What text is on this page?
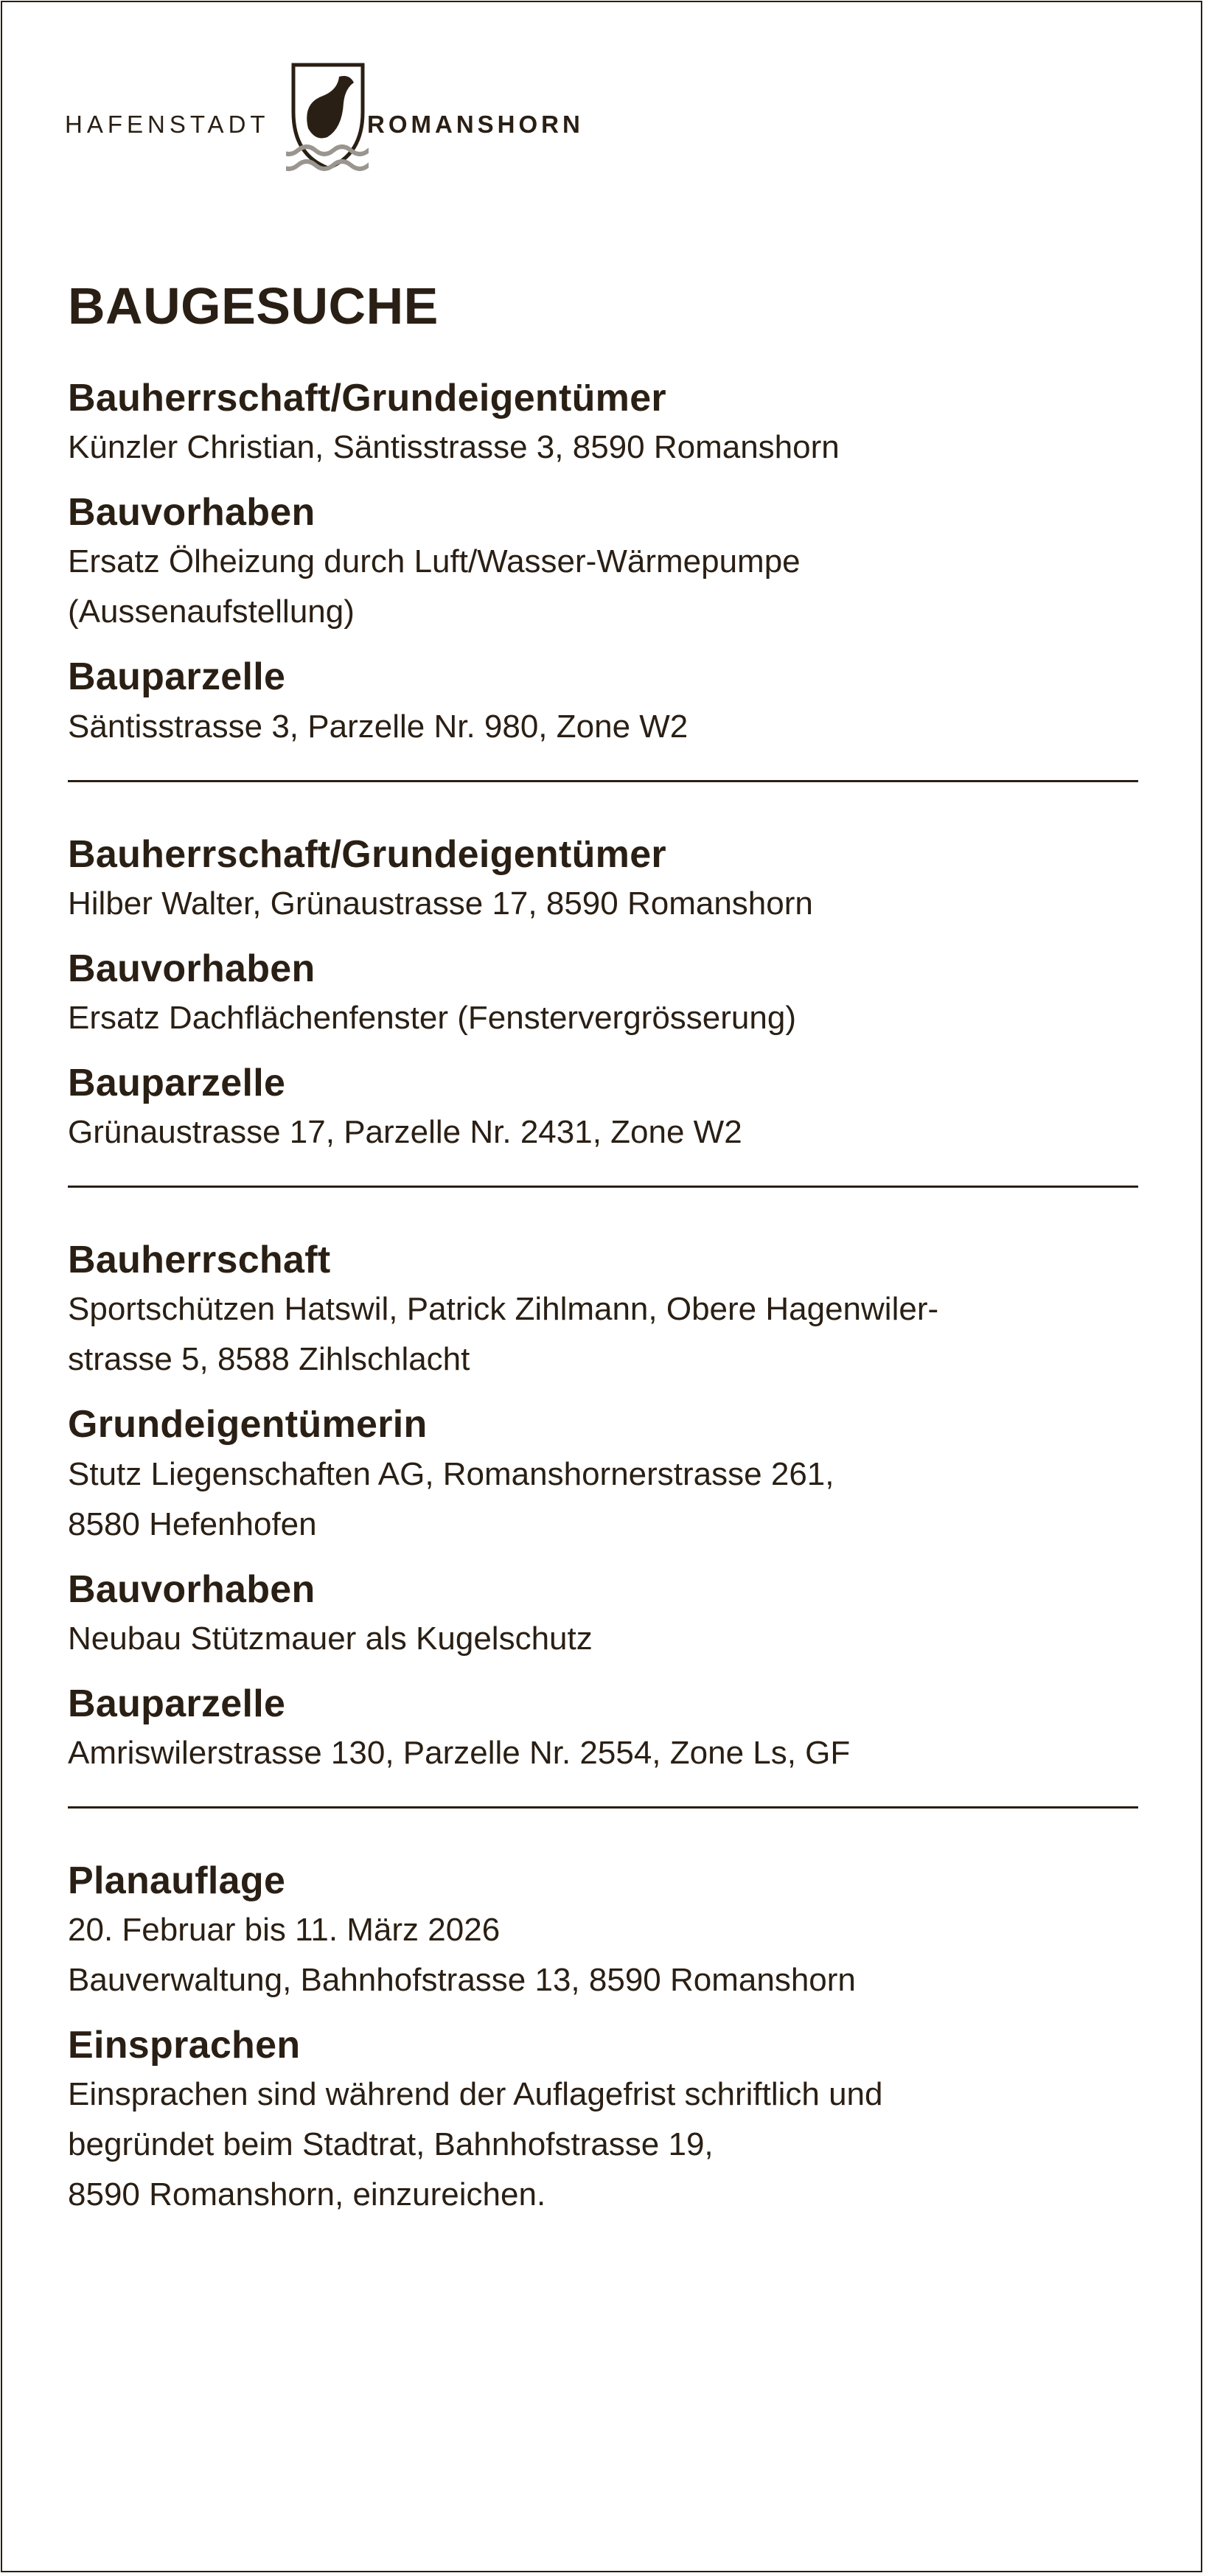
HAFENSTADT	ROMANSHORN
BAUGESUCHE
Bauherrschaft/Grundeigentümer
Künzler Christian, Säntisstrasse 3, 8590 Romanshorn
Bauvorhaben
Ersatz Ölheizung durch Luft/Wasser-Wärmepumpe
(Aussenaufstellung)
Bauparzelle
Säntisstrasse 3, Parzelle Nr. 980, Zone W2
Bauherrschaft/Grundeigentümer
Hilber Walter, Grünaustrasse 17, 8590 Romanshorn
Bauvorhaben
Ersatz Dachflächenfenster (Fenstervergrösserung)
Bauparzelle
Grünaustrasse 17, Parzelle Nr. 2431, Zone W2
Bauherrschaft
Sportschützen Hatswil, Patrick Zihlmann, Obere Hagenwiler-
strasse 5, 8588 Zihlschlacht
Grundeigentümerin
Stutz Liegenschaften AG, Romanshornerstrasse 261,
8580 Hefenhofen
Bauvorhaben
Neubau Stützmauer als Kugelschutz
Bauparzelle
Amriswilerstrasse 130, Parzelle Nr. 2554, Zone Ls, GF
Planauflage
20. Februar bis 11. März 2026
Bauverwaltung, Bahnhofstrasse 13, 8590 Romanshorn
Einsprachen
Einsprachen sind während der Auflagefrist schriftlich und
begründet beim Stadtrat, Bahnhofstrasse 19,
8590 Romanshorn, einzureichen.
